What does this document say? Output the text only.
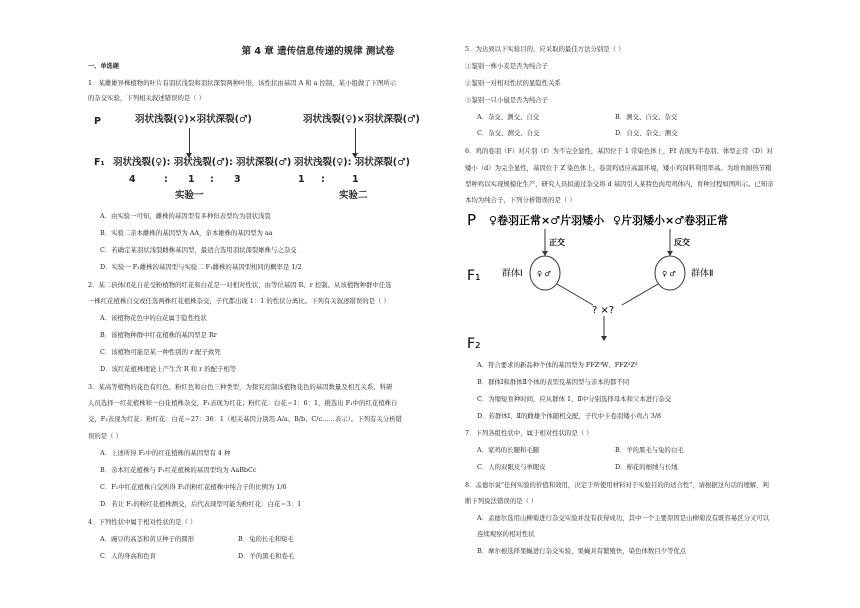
第 4 章 遗传信息传递的规律 测试卷
一、单选题
1．某雌雄异株植物的叶片有羽状浅裂和羽状深裂两种叶形，该性状由基因 A 和 a 控制，某小组做了下图所示
的杂交实验，下列相关叙述错误的是（ ）
P	羽状浅裂(♀)×羽状深裂(♂)	羽状浅裂(♀)×羽状深裂(♂)
F₁ 羽状浅裂(♀): 羽状浅裂(♂): 羽状深裂(♂) 羽状浅裂(♀): 羽状深裂(♂)
4	: 1 : 3	1 :	1
实验一	实验二
A．由实验一可知，雌株的基因型有多种但表型均为羽状浅裂
B．实验二亲本雌株的基因型为 AA，亲本雄株的基因型为 aa
C．若确定某羽状浅裂雌株基因型，最适合选用羽状深裂雄株与之杂交
D．实验一 F₁雌株的基因型与实验二 F₁雌株的基因型相同的概率是 1/2
2．某二倍体闭花自花受粉植物的红花和白花是一对相对性状，由等位基因 R、r 控制。从该植物种群中任选
一株红花植株自交或任选两株红花植株杂交，子代都出现 1：1 的性状分离比。下列有关叙述错误的是（ ）
A．该植物花色中的白花属于隐性性状
B．该植物种群中红花植株的基因型是 Rr
C．该植物可能是某一种性别的 r 配子致死
D．该红花植株理论上产生含 R 和 r 的配子相等
3．某高等植物的花色有红色、粉红色和白色三种类型，为探究控制该植物花色的基因数量及相互关系，科研
人员选择一红花植株和一白花植株杂交，F₁表现为红花；粉红花：白花＝1：6：1，挑选出 F₁中的红花植株自
交，F₂表现为红花：粉红花：白花＝27：36：1（相关基因分别用 A/a、B/b、C/c……表示）。下列有关分析错
误的是（ ）
A．上述所得 F₂中的红花植株的基因型有 4 种
B．亲本红花植株与 F₁红花植株的基因型均为 AaBbCc
C．F₁中红花植株自交所得 F₂的粉红花植株中纯合子的比例为 1/6
D．若让 F₁的粉红花植株测交，后代表现型可能为粉红花：白花＝3：1
4．下列性状中属于相对性状的是（ ）
A．豌豆的高茎和黄豆种子的圆形	B．兔的长毛和短毛
C．人的身高和色盲	D．羊的黑毛和卷毛
5．为达到以下实验目的，应采取的最佳方法分别是（ ）
①鉴别一株小麦是否为纯合子
②鉴别一对相对性状的显隐性关系
③鉴别一只小鼠是否为纯合子
A．杂交、测交、自交	B．测交、自交、杂交
C．杂交、测交、自交	D．自交、杂交、测交
6．鸡的卷羽（F）对片羽（f）为不完全显性，基因位于 1 常染色体上，Ff 表现为半卷羽；体型正常（D）对
矮小（d）为完全显性，基因位于 Z 染色体上。卷羽鸡适应高温环境，矮小鸡饲料利用率高。为培育耐热节粮
型种鸡以实现规模化生产，研究人员拟通过杂交将 d 基因引入某特色肉用鸡体内，育种过程如图所示。已知亲
本均为纯合子，下列分析错误的是（ ）
P ♀卷羽正常×♂片羽矮小 ♀片羽矮小×♂卷羽正常
正交	反交
F₁	♀ ♂
群体Ⅰ	♀ ♂ 群体Ⅱ
? ×?
F₂
A．符合要求的新品种个体的基因型为 FFZᵈW、FFZᵈZᵈ
B．群体Ⅰ和群体Ⅱ个体的表型及基因型与亲本的都不同
C．为缩短育种时间，应从群体 1、Ⅱ中分别选择母本和父本进行杂交
D．若群体Ⅰ、Ⅱ的雌雄个体随机交配，子代中卡卷羽矮小鸡占 3/8
7．下列各组性状中，属于相对性状的是（ ）
A．家鸡的长腿和毛腿	B．羊的黑毛与兔的白毛
C．人的双眼皮与单眼皮	D．棉花的细绒与长绒
8．孟德尔说"任何实验的价值和效用，决定于所使用材料对于实验目的的适合性"，请根据这句话的理解，判
断下列说法错误的是（ ）
A．孟德尔选用山柳菊进行杂交实验并没有获得成功，其中一个主要原因是山柳菊没有既容易区分又可以
连续观察的相对性状
B．摩尔根选择果蝇进行杂交实验，果蝇具有繁殖快，染色体数目少等优点
